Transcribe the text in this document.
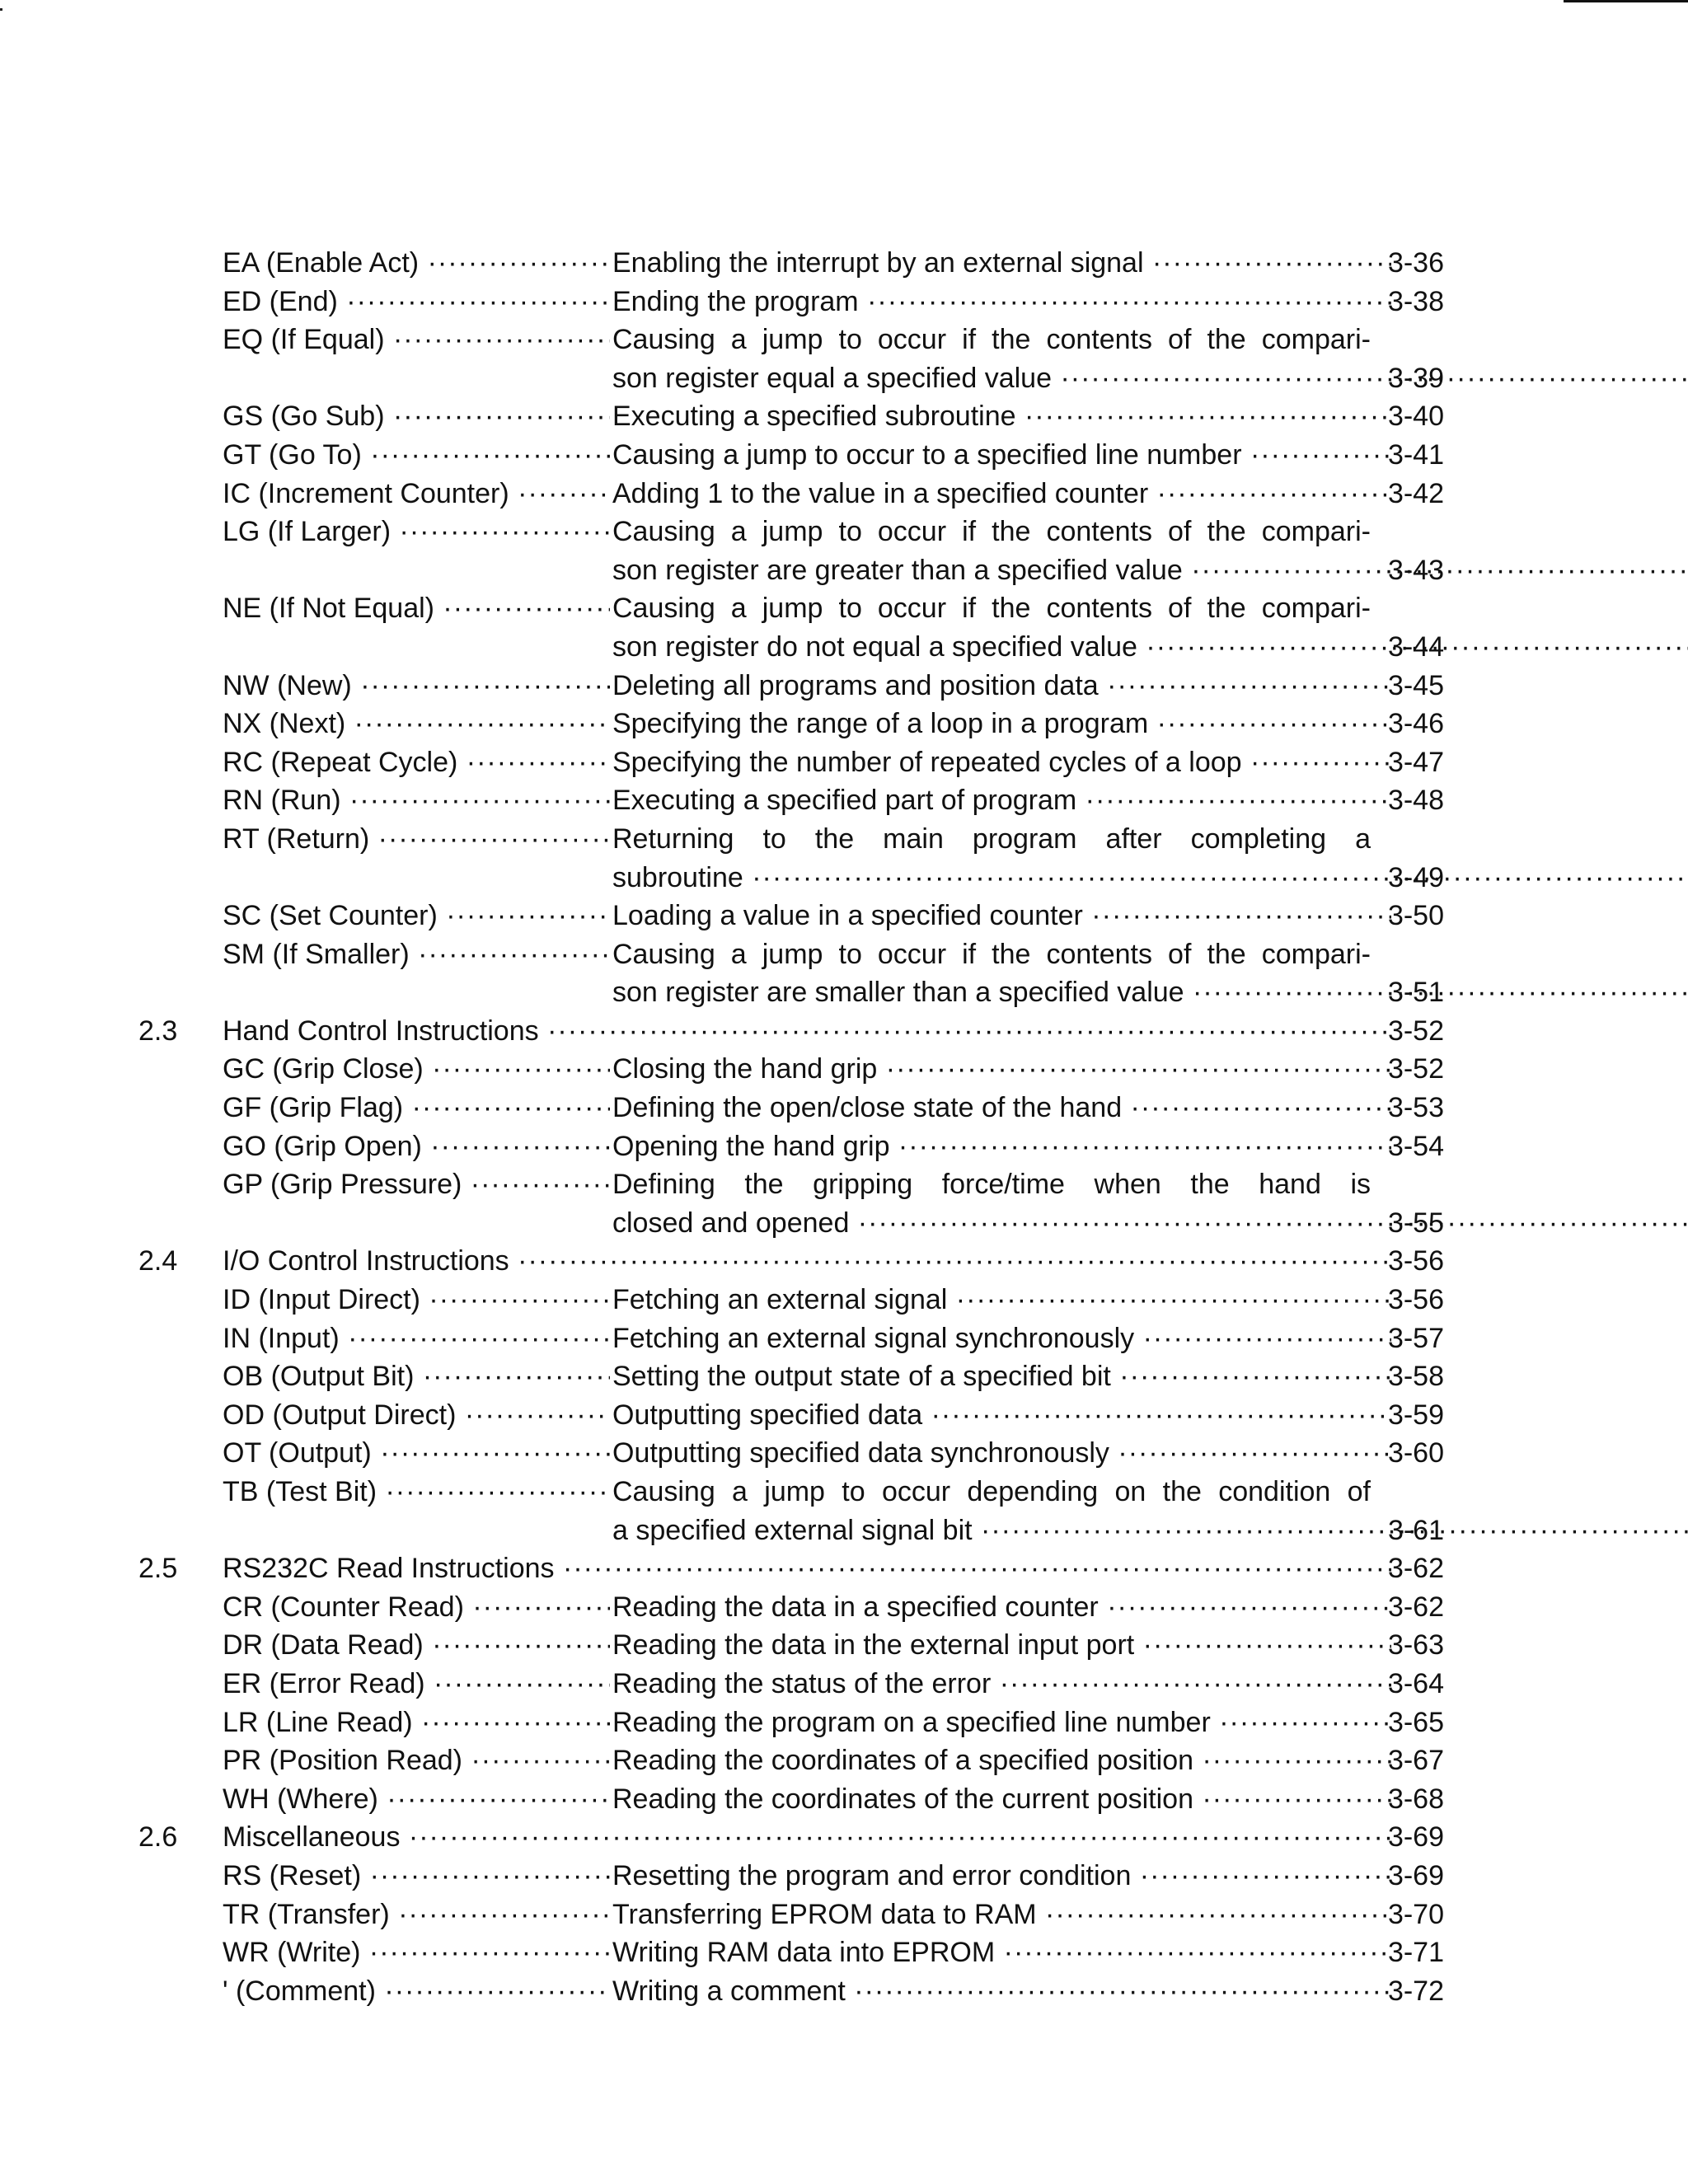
EA (Enable Act) ·····	Enabling the interrupt by an external signal ·····	3-36
ED (End) ·····	Ending the program ·····	3-38
EQ (If Equal) ·····	Causing a jump to occur if the contents of the compari-
son register equal a specified value ·····	3-39
GS (Go Sub) ·····	Executing a specified subroutine ·····	3-40
GT (Go To) ·····	Causing a jump to occur to a specified line number ·····	3-41
IC (Increment Counter) ·····	Adding 1 to the value in a specified counter ·····	3-42
LG (If Larger) ·····	Causing a jump to occur if the contents of the compari-
son register are greater than a specified value ·····	3-43
NE (If Not Equal) ·····	Causing a jump to occur if the contents of the compari-
son register do not equal a specified value ·····	3-44
NW (New) ·····	Deleting all programs and position data ·····	3-45
NX (Next) ·····	Specifying the range of a loop in a program ·····	3-46
RC (Repeat Cycle) ·····	Specifying the number of repeated cycles of a loop ·····	3-47
RN (Run) ·····	Executing a specified part of program ·····	3-48
RT (Return) ·····	Returning to the main program after completing a
subroutine ·····	3-49
SC (Set Counter) ·····	Loading a value in a specified counter ·····	3-50
SM (If Smaller) ·····	Causing a jump to occur if the contents of the compari-
son register are smaller than a specified value ·····	3-51
2.3 Hand Control Instructions ·····	3-52
GC (Grip Close) ·····	Closing the hand grip ·····	3-52
GF (Grip Flag) ·····	Defining the open/close state of the hand ·····	3-53
GO (Grip Open) ·····	Opening the hand grip ·····	3-54
GP (Grip Pressure) ·····	Defining the gripping force/time when the hand is
closed and opened ·····	3-55
2.4 I/O Control Instructions ·····	3-56
ID (Input Direct) ·····	Fetching an external signal ·····	3-56
IN (Input) ·····	Fetching an external signal synchronously ·····	3-57
OB (Output Bit) ·····	Setting the output state of a specified bit ·····	3-58
OD (Output Direct) ·····	Outputting specified data ·····	3-59
OT (Output) ·····	Outputting specified data synchronously ·····	3-60
TB (Test Bit) ·····	Causing a jump to occur depending on the condition of
a specified external signal bit ·····	3-61
2.5 RS232C Read Instructions ·····	3-62
CR (Counter Read) ·····	Reading the data in a specified counter ·····	3-62
DR (Data Read) ·····	Reading the data in the external input port ·····	3-63
ER (Error Read) ·····	Reading the status of the error ·····	3-64
LR (Line Read) ·····	Reading the program on a specified line number ·····	3-65
PR (Position Read) ·····	Reading the coordinates of a specified position ·····	3-67
WH (Where) ·····	Reading the coordinates of the current position ·····	3-68
2.6 Miscellaneous ·····	3-69
RS (Reset) ·····	Resetting the program and error condition ·····	3-69
TR (Transfer) ·····	Transferring EPROM data to RAM ·····	3-70
WR (Write) ·····	Writing RAM data into EPROM ·····	3-71
' (Comment) ·····	Writing a comment ·····	3-72
